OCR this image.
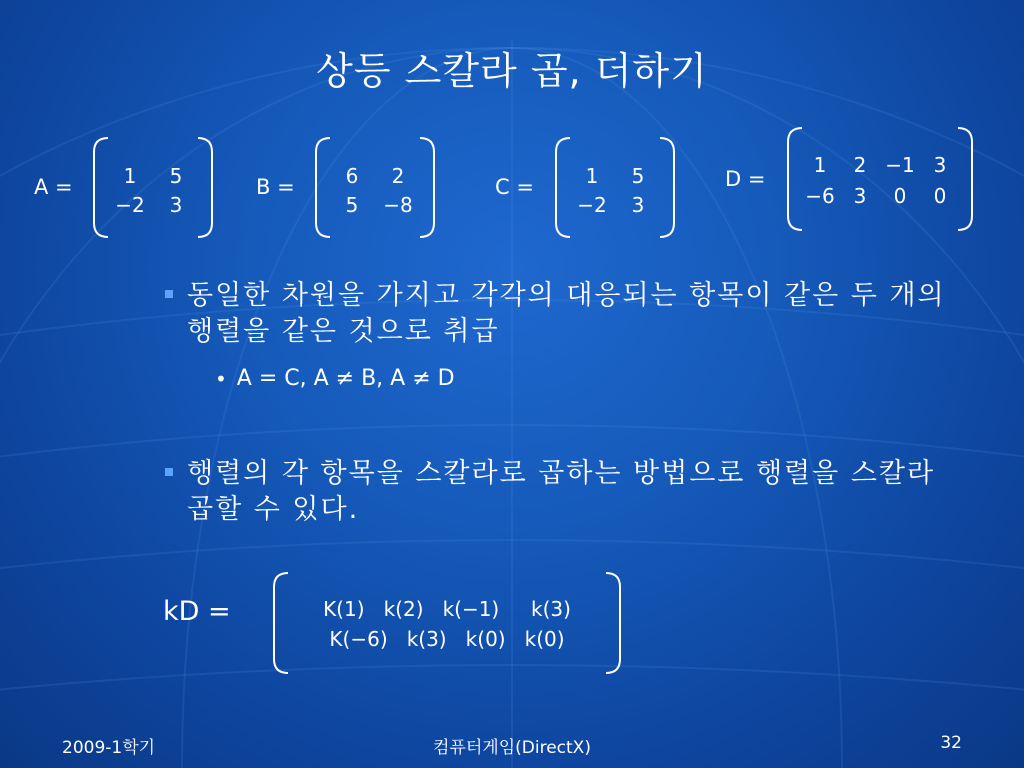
상등 스칼라 곱, 더하기
A =	1	5
−2	3
B =	6	2
5	−8
C =	1	5
−2	3
D =
1	2 −1 3
−6 3	0	0
동일한 차원을 가지고 각각의 대응되는 항목이 같은 두 개의 행렬을 같은 것으로 취급
• A = C, A ≠ B, A ≠ D
행렬의 각 항목을 스칼라로 곱하는 방법으로 행렬을 스칼라 곱할 수 있다.
kD =	K(1)   k(2)   k(−1)     k(3)
K(−6)   k(3)   k(0)   k(0)
2009-1학기	컴퓨터게임(DirectX)	32
